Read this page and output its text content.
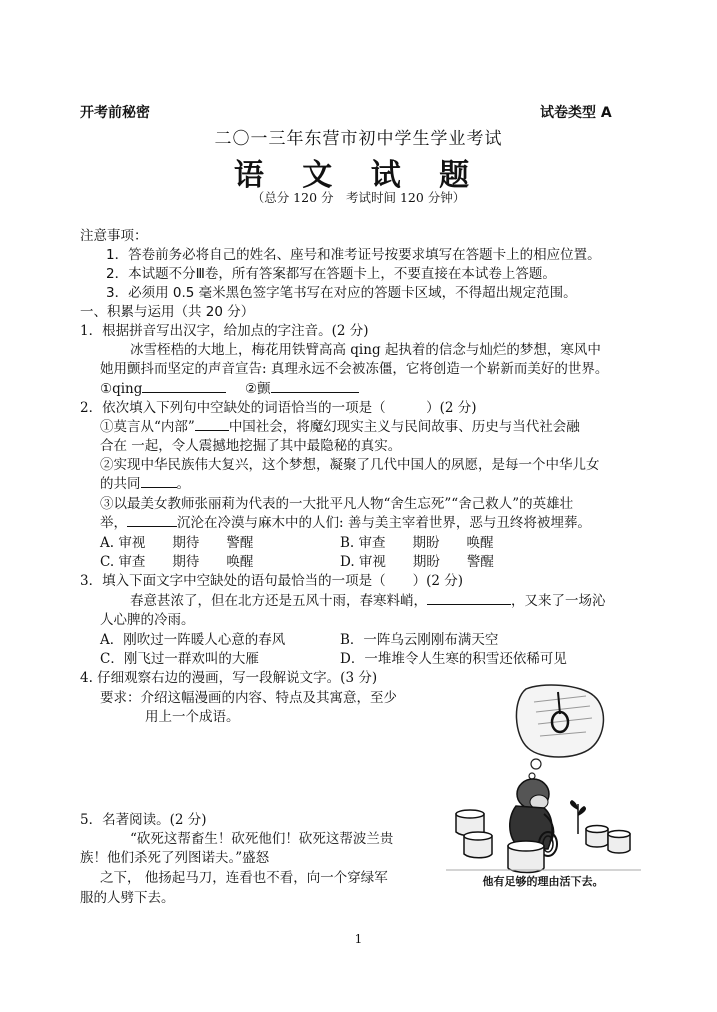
开考前秘密	试卷类型 A
二〇一三年东营市初中学生学业考试
语 文 试 题
（总分 120 分　考试时间 120 分钟）
注意事项：
1．答卷前务必将自己的姓名、座号和准考证号按要求填写在答题卡上的相应位置。
2．本试题不分Ⅲ卷，所有答案都写在答题卡上，不要直接在本试卷上答题。
3．必须用 0.5 毫米黑色签字笔书写在对应的答题卡区域，不得超出规定范围。
一、积累与运用（共 20 分）
1．根据拼音写出汉字，给加点的字注音。(2 分)
冰雪桎梏的大地上，梅花用铁臂高高 qing 起执着的信念与灿烂的梦想，寒风中
她用颤抖而坚定的声音宣告: 真理永远不会被冻僵，它将创造一个崭新而美好的世界。
①qing	②颤
2．依次填入下列句中空缺处的词语恰当的一项是（　　　）(2 分)
①莫言从“内部”	中国社会，将魔幻现实主义与民间故事、历史与当代社会融
合在 一起，令人震撼地挖掘了其中最隐秘的真实。
②实现中华民族伟大复兴，这个梦想，凝聚了几代中国人的夙愿，是每一个中华儿女
的共同	。
③以最美女教师张丽莉为代表的一大批平凡人物“舍生忘死”“舍己救人”的英雄壮
举，	沉沦在冷漠与麻木中的人们: 善与美主宰着世界，恶与丑终将被埋葬。
A. 审视　　期待　　警醒	B. 审查　　期盼　　唤醒
C. 审查　　期待　　唤醒	D. 审视　　期盼　　警醒
3．填入下面文字中空缺处的语句最恰当的一项是（　　）(2 分)
春意甚浓了，但在北方还是五风十雨，春寒料峭，	，又来了一场沁
人心脾的冷雨。
A．刚吹过一阵暖人心意的春风	B．一阵乌云刚刚布满天空
C．刚飞过一群欢叫的大雁	D．一堆堆令人生寒的积雪还依稀可见
4. 仔细观察右边的漫画，写一段解说文字。(3 分)
要求：介绍这幅漫画的内容、特点及其寓意，至少
用上一个成语。
他有足够的理由活下去。
5．名著阅读。(2 分)
“砍死这帮畜生！砍死他们！砍死这帮波兰贵
族！他们杀死了列图诺夫。”盛怒
之下， 他扬起马刀，连看也不看，向一个穿绿军
服的人劈下去。
1
